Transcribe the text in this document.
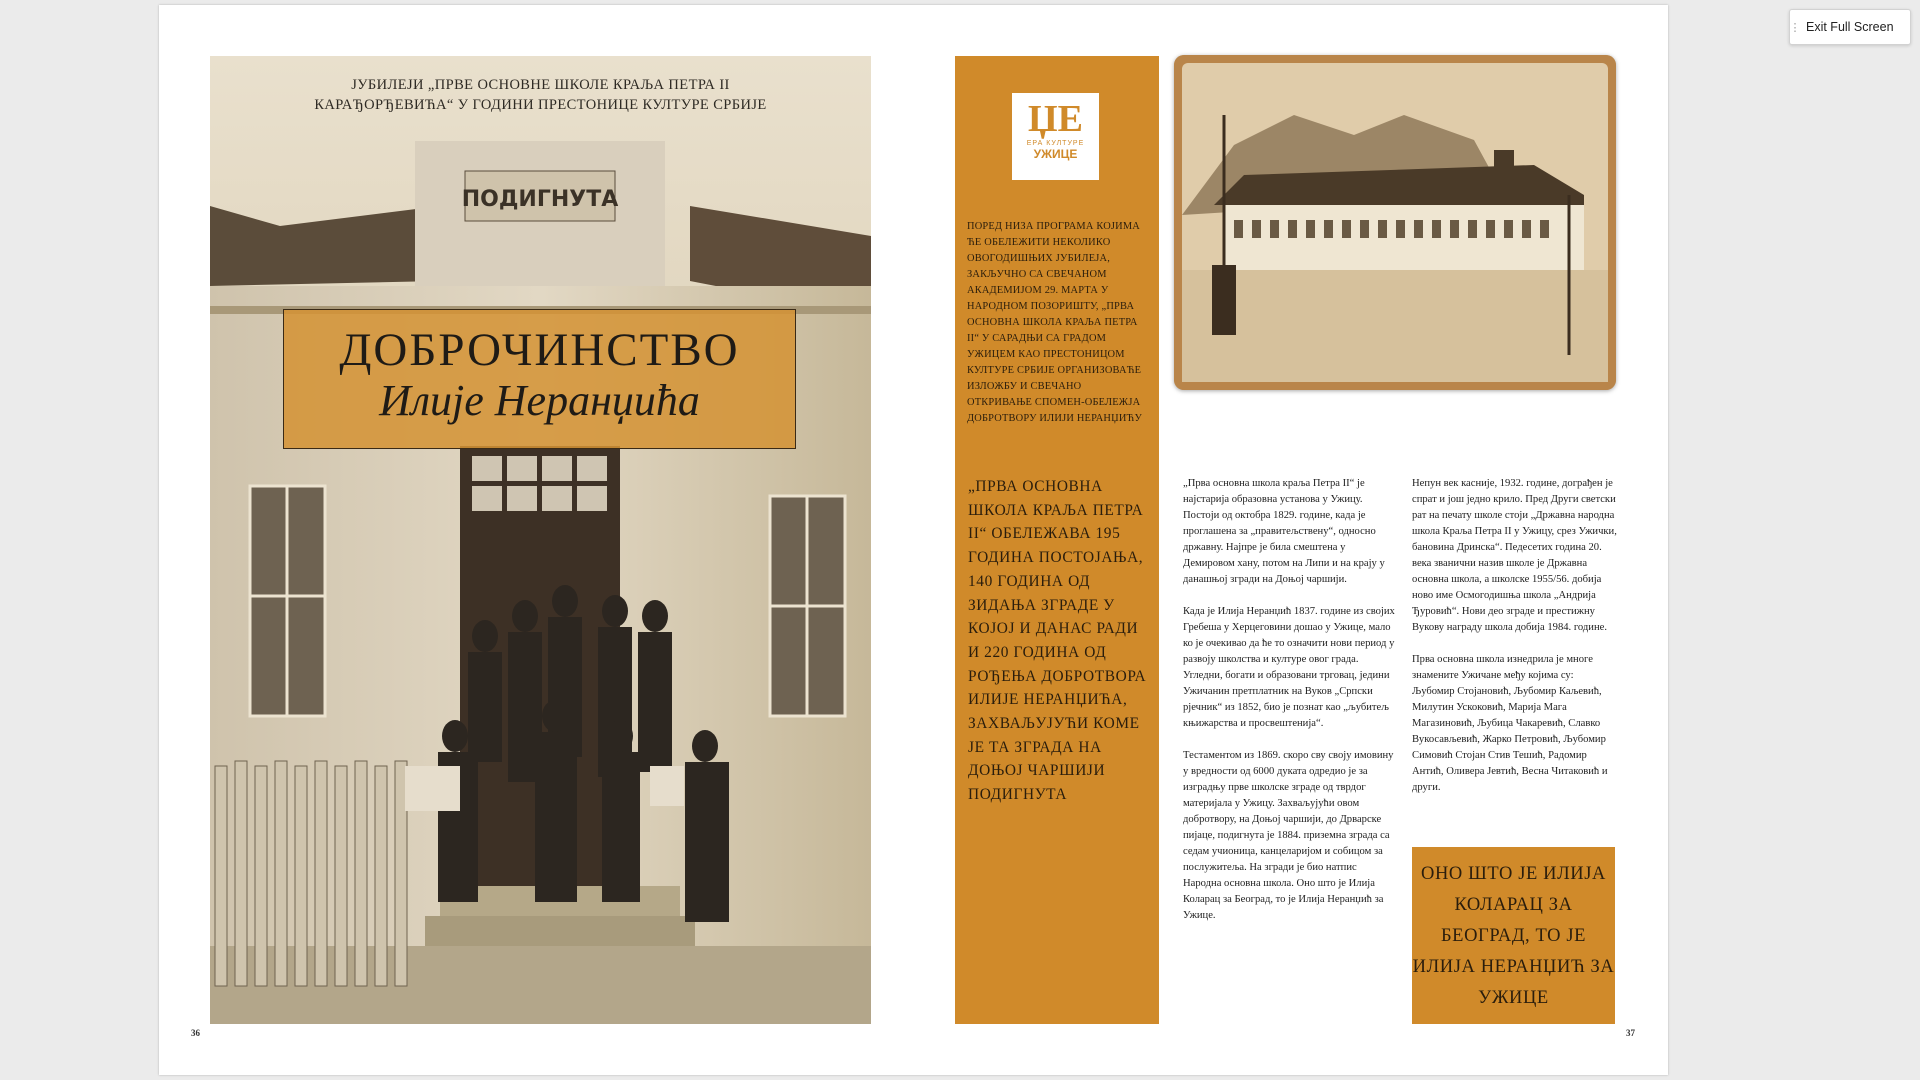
ПОДИГНУТА
ЈУБИЛЕЈИ „ПРВЕ ОСНОВНЕ ШКОЛЕ КРАЉА ПЕТРА II
КАРАЂОРЂЕВИЋА“ У ГОДИНИ ПРЕСТОНИЦЕ КУЛТУРЕ СРБИЈЕ
ДОБРОЧИНСТВО
Илије Неранџића
36
ЏЕ
ЕРА КУЛТУРЕ
УЖИЦЕ
ПОРЕД НИЗА ПРОГРАМА КОЈИМА ЋЕ ОБЕЛЕЖИТИ НЕКОЛИКО ОВОГОДИШЊИХ ЈУБИЛЕЈА, ЗАКЉУЧНО СА СВЕЧАНОМ АКАДЕМИЈОМ 29. МАРТА У НАРОДНОМ ПОЗОРИШТУ, „ПРВА ОСНОВНА ШКОЛА КРАЉА ПЕТРА II“ У САРАДЊИ СА ГРАДОМ УЖИЦЕМ КАО ПРЕСТОНИЦОМ КУЛТУРЕ СРБИЈЕ ОРГАНИЗОВАЋЕ ИЗЛОЖБУ И СВЕЧАНО ОТКРИВАЊЕ СПОМЕН-ОБЕЛЕЖЈА ДОБРОТВОРУ ИЛИЈИ НЕРАНЏИЋУ
„ПРВА ОСНОВНА ШКОЛА КРАЉА ПЕТРА II“ ОБЕЛЕЖАВА 195 ГОДИНА ПОСТОЈАЊА, 140 ГОДИНА ОД ЗИДАЊА ЗГРАДЕ У КОЈОЈ И ДАНАС РАДИ И 220 ГОДИНА ОД РОЂЕЊА ДОБРОТВОРА ИЛИЈЕ НЕРАНЏИЋА, ЗАХВАЉУЈУЋИ КОМЕ ЈЕ ТА ЗГРАДА НА ДОЊОЈ ЧАРШИЈИ ПОДИГНУТА

„Прва основна школа краља Петра II“ је најстарија образовна установа у Ужицу. Постоји од октобра 1829. године, када је проглашена за „правитељствену“, односно државну. Најпре је била смештена у Демировом хану, потом на Липи и на крају у данашњој згради на Доњој чаршији.

Када је Илија Неранџић 1837. године из својих Гребеша у Херцеговини дошао у Ужице, мало ко је очекивао да ће то означити нови период у развоју школства и културе овог града. Угледни, богати и образовани трговац, једини Ужичанин претплатник на Вуков „Српски рјечник“ из 1852, био је познат као „љубитељ књижарства и просвештенија“.

Тестаментом из 1869. скоро сву своју имовину у вредности од 6000 дуката одредио је за изградњу прве школске зграде од тврдог материјала у Ужицу. Захваљујући овом добротвору, на Доњој чаршији, до Дрварске пијаце, подигнута је 1884. приземна зграда са седам учионица, канцеларијом и собицом за послужитеља. На згради је био натпис Народна основна школа. Оно што је Илија Коларац за Београд, то је Илија Неранџић за Ужице.

Непун век касније, 1932. године, дограђен је спрат и још једно крило. Пред Други светски рат на печату школе стоји „Државна народна школа Краља Петра II у Ужицу, срез Ужички, бановина Дринска“. Педесетих година 20. века званични назив школе је Државна основна школа, а школске 1955/56. добија ново име Осмогодишња школа „Андрија Ђуровић“. Нови део зграде и престижну Вукову награду школа добија 1984. године.

Прва основна школа изнедрила је многе знамените Ужичане међу којима су: Љубомир Стојановић, Љубомир Каљевић, Милутин Ускоковић, Марија Мага Магазиновић, Љубица Чакаревић, Славко Вукосављевић, Жарко Петровић, Љубомир Симовић Стојан Стив Тешић, Радомир Антић, Оливера Јевтић, Весна Читаковић и други.

ОНО ШТО ЈЕ ИЛИЈА КОЛАРАЦ ЗА БЕОГРАД, ТО ЈЕ ИЛИЈА НЕРАНЏИЋ ЗА УЖИЦЕ
37
⋮ Exit Full Screen
